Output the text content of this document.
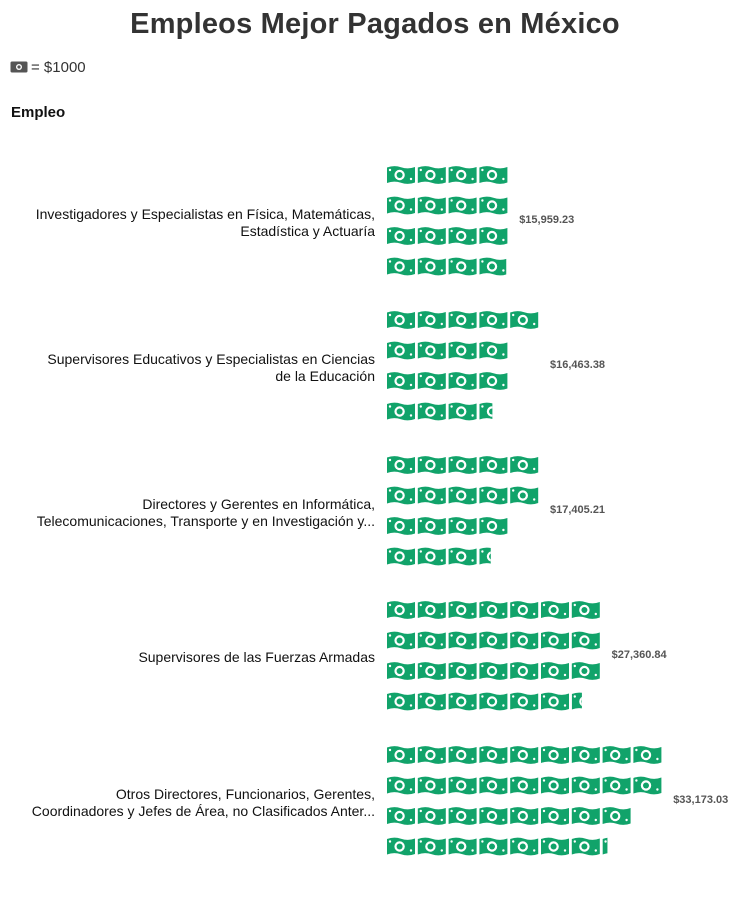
Empleos Mejor Pagados en México
= $1000
Empleo
Investigadores y Especialistas en Física, Matemáticas,
Estadística y Actuaría
$15,959.23
Supervisores Educativos y Especialistas en Ciencias
de la Educación
$16,463.38
Directores y Gerentes en Informática,
Telecomunicaciones, Transporte y en Investigación y...
$17,405.21
Supervisores de las Fuerzas Armadas	$27,360.84
Otros Directores, Funcionarios, Gerentes,
Coordinadores y Jefes de Área, no Clasificados Anter...
$33,173.03
